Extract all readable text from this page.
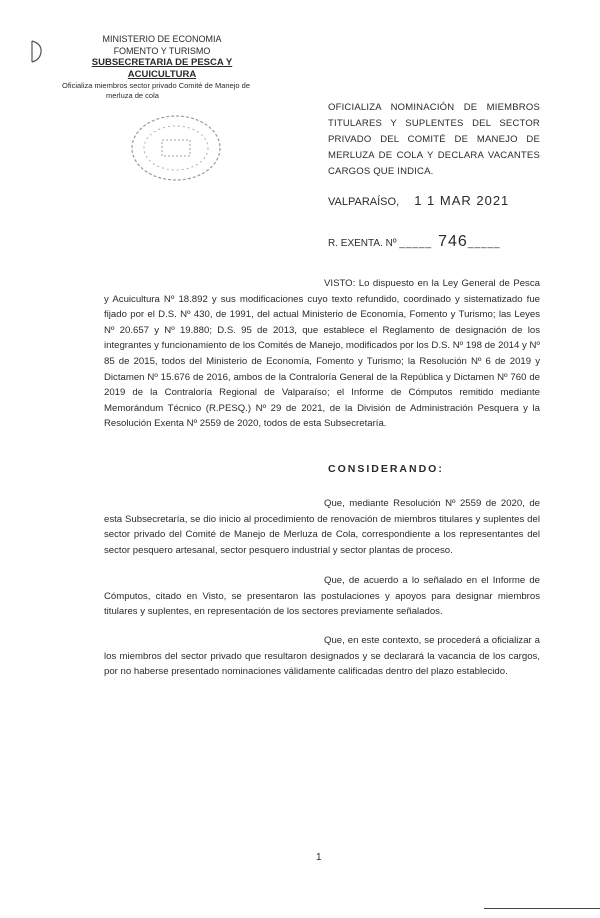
MINISTERIO DE ECONOMIA
FOMENTO Y TURISMO
SUBSECRETARIA DE PESCA Y ACUICULTURA
Oficializa miembros sector privado Comité de Manejo de
merluza de cola
OFICIALIZA NOMINACIÓN DE MIEMBROS TITULARES Y SUPLENTES DEL SECTOR PRIVADO DEL COMITÉ DE MANEJO DE MERLUZA DE COLA Y DECLARA VACANTES CARGOS QUE INDICA.
VALPARAÍSO, 1 1 MAR 2021
R. EXENTA. Nº _____ 746_____
VISTO: Lo dispuesto en la Ley General de Pesca y Acuicultura Nº 18.892 y sus modificaciones cuyo texto refundido, coordinado y sistematizado fue fijado por el D.S. Nº 430, de 1991, del actual Ministerio de Economía, Fomento y Turismo; las Leyes Nº 20.657 y Nº 19.880; D.S. 95 de 2013, que establece el Reglamento de designación de los integrantes y funcionamiento de los Comités de Manejo, modificados por los D.S. Nº 198 de 2014 y Nº 85 de 2015, todos del Ministerio de Economía, Fomento y Turismo; la Resolución Nº 6 de 2019 y Dictamen Nº 15.676 de 2016, ambos de la Contraloría General de la República y Dictamen Nº 760 de 2019 de la Contraloría Regional de Valparaíso; el Informe de Cómputos remitido mediante Memorándum Técnico (R.PESQ.) Nº 29 de 2021, de la División de Administración Pesquera y la Resolución Exenta Nº 2559 de 2020, todos de esta Subsecretaría.
CONSIDERANDO:
Que, mediante Resolución Nº 2559 de 2020, de esta Subsecretaría, se dio inicio al procedimiento de renovación de miembros titulares y suplentes del sector privado del Comité de Manejo de Merluza de Cola, correspondiente a los representantes del sector pesquero artesanal, sector pesquero industrial y sector plantas de proceso.
Que, de acuerdo a lo señalado en el Informe de Cómputos, citado en Visto, se presentaron las postulaciones y apoyos para designar miembros titulares y suplentes, en representación de los sectores previamente señalados.
Que, en este contexto, se procederá a oficializar a los miembros del sector privado que resultaron designados y se declarará la vacancia de los cargos, por no haberse presentado nominaciones válidamente calificadas dentro del plazo establecido.
1
